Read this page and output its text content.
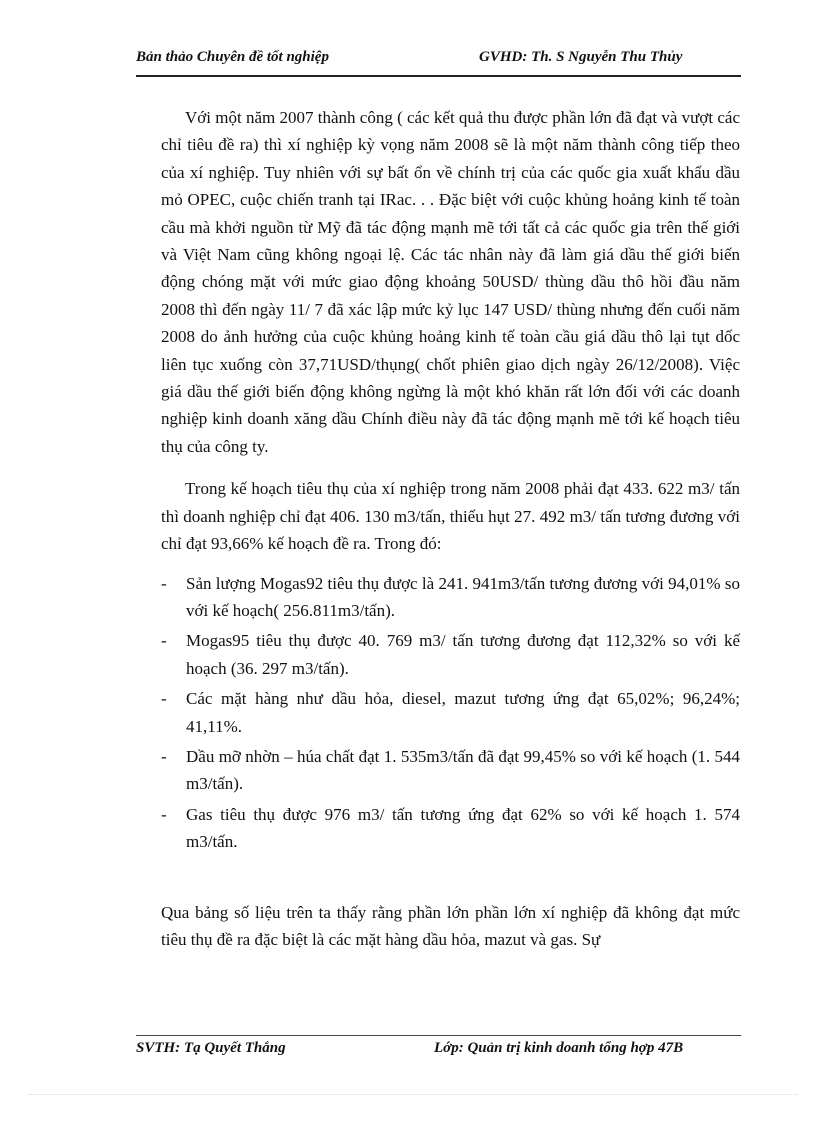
Bản thảo Chuyên đề tốt nghiệp	GVHD: Th. S Nguyễn Thu Thủy

Với một năm 2007 thành công ( các kết quả thu được phần lớn đã đạt và vượt các chỉ tiêu đề ra) thì xí nghiệp kỳ vọng năm 2008 sẽ là một năm thành công tiếp theo của xí nghiệp. Tuy nhiên với sự bất ổn về chính trị của các quốc gia xuất khẩu dầu mỏ OPEC, cuộc chiến tranh tại IRac. . . Đặc biệt với cuộc khủng hoảng kinh tế toàn cầu mà khởi nguồn từ Mỹ đã tác động mạnh mẽ tới tất cả các quốc gia trên thế giới và Việt Nam cũng không ngoại lệ. Các tác nhân này đã làm giá dầu thế giới biến động chóng mặt với mức giao động khoảng 50USD/ thùng dầu thô hồi đầu năm 2008 thì đến ngày 11/ 7 đã xác lập mức kỷ lục 147 USD/ thùng nhưng đến cuối năm 2008 do ảnh hưởng của cuộc khủng hoảng kinh tế toàn cầu giá dầu thô lại tụt dốc liên tục xuống còn 37,71USD/thụng( chốt phiên giao dịch ngày 26/12/2008). Việc giá dầu thế giới biến động không ngừng là một khó khăn rất lớn đối với các doanh nghiệp kinh doanh xăng dầu Chính điều này đã tác động mạnh mẽ tới kế hoạch tiêu thụ của công ty.

Trong kế hoạch tiêu thụ của xí nghiệp trong năm 2008 phải đạt 433. 622 m3/ tấn thì doanh nghiệp chỉ đạt 406. 130 m3/tấn, thiếu hụt 27. 492 m3/ tấn tương đương với chỉ đạt 93,66% kế hoạch đề ra. Trong đó:

- Sản lượng Mogas92 tiêu thụ được là 241. 941m3/tấn tương đương với 94,01% so với kế hoạch( 256.811m3/tấn).
- Mogas95 tiêu thụ được 40. 769 m3/ tấn tương đương đạt 112,32% so với kế hoạch (36. 297 m3/tấn).
- Các mặt hàng như dầu hỏa, diesel, mazut tương ứng đạt 65,02%; 96,24%; 41,11%.
- Dầu mỡ nhờn – húa chất đạt 1. 535m3/tấn đã đạt 99,45% so với kế hoạch (1. 544 m3/tấn).
- Gas tiêu thụ được 976 m3/ tấn tương ứng đạt 62% so với kế hoạch 1. 574 m3/tấn.

Qua bảng số liệu trên ta thấy rằng phần lớn phần lớn xí nghiệp đã không đạt mức tiêu thụ đề ra đặc biệt là các mặt hàng dầu hỏa, mazut và gas. Sự

SVTH: Tạ Quyết Thắng	Lớp: Quản trị kinh doanh tổng hợp 47B
